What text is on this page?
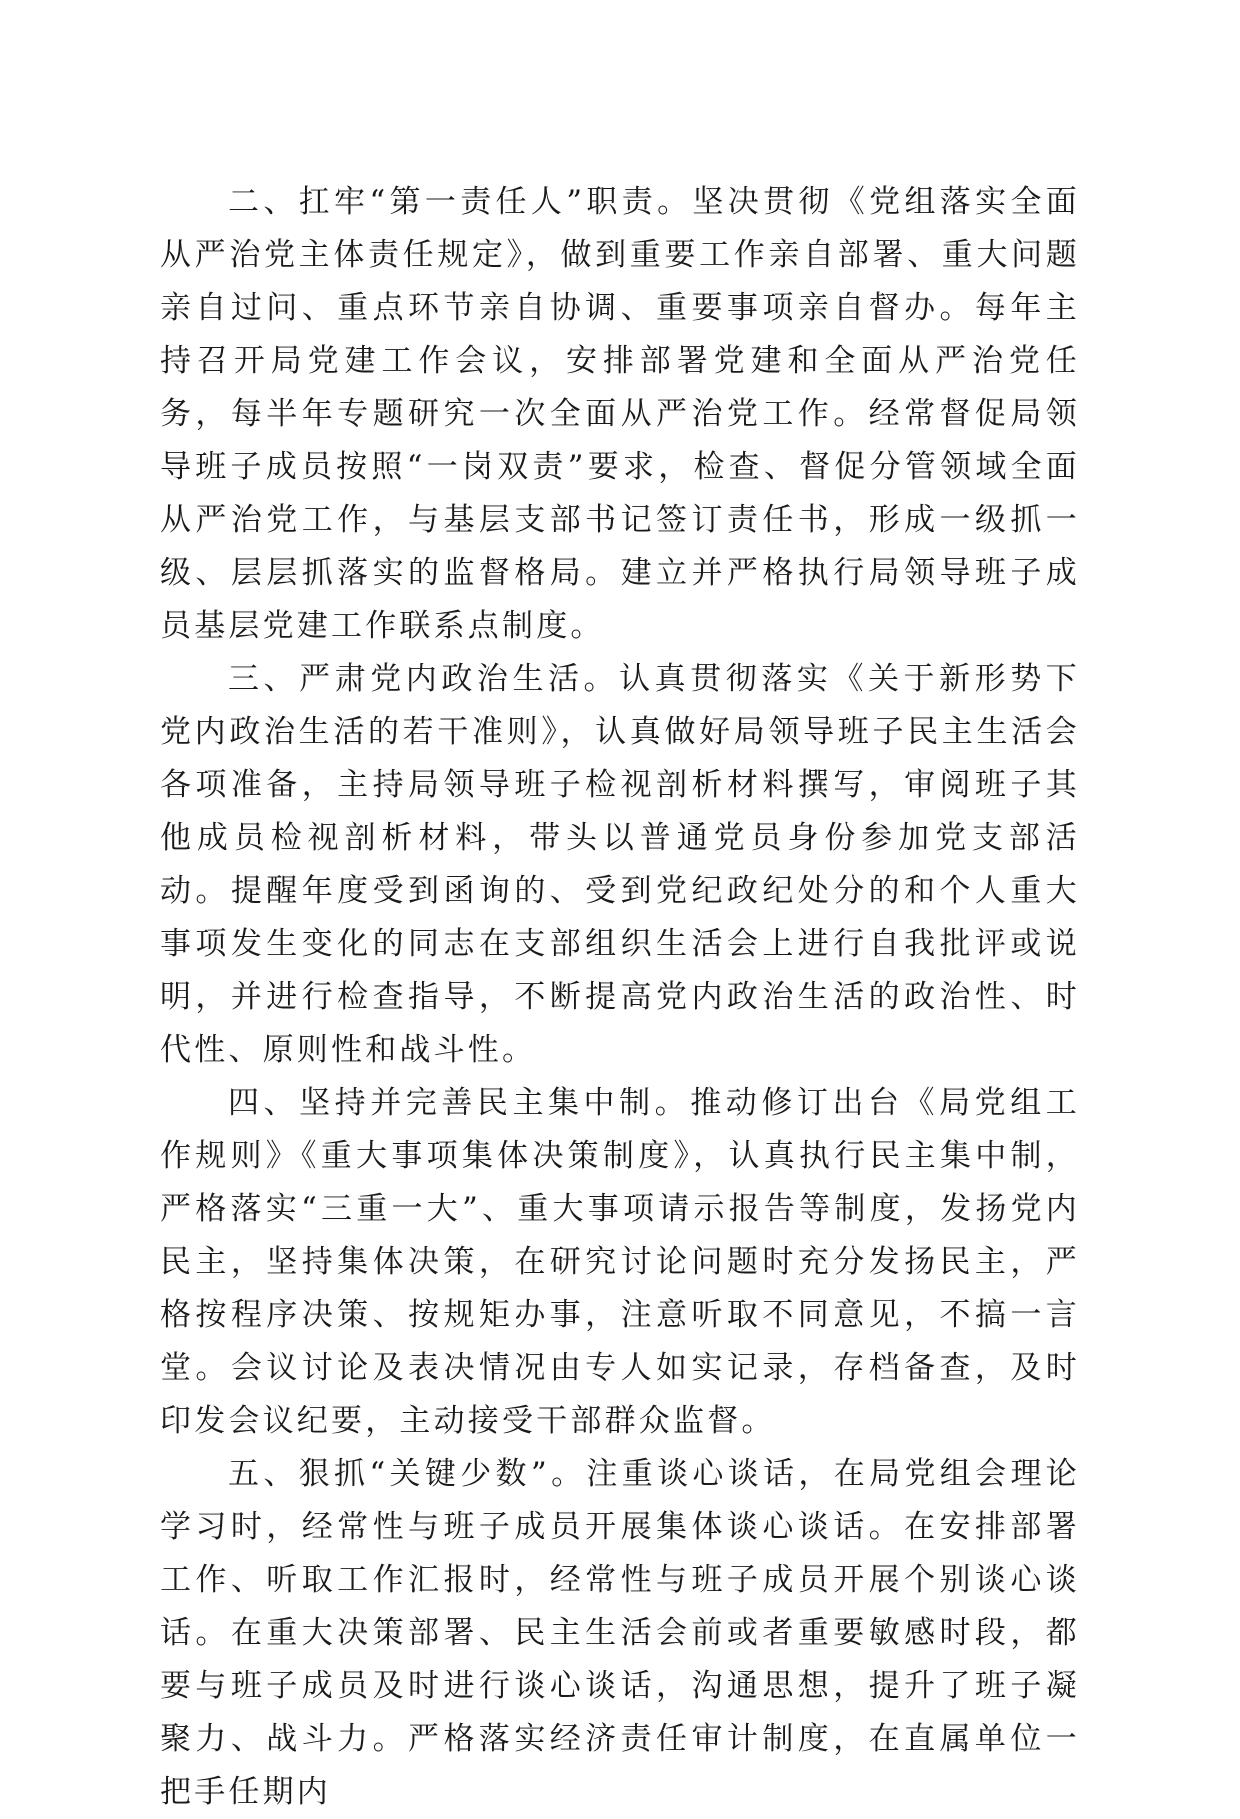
二、扛牢“第一责任人”职责。坚决贯彻《党组落实全面从严治党主体责任规定》，做到重要工作亲自部署、重大问题亲自过问、重点环节亲自协调、重要事项亲自督办。每年主持召开局党建工作会议，安排部署党建和全面从严治党任务，每半年专题研究一次全面从严治党工作。经常督促局领导班子成员按照“一岗双责”要求，检查、督促分管领域全面从严治党工作，与基层支部书记签订责任书，形成一级抓一级、层层抓落实的监督格局。建立并严格执行局领导班子成员基层党建工作联系点制度。

三、严肃党内政治生活。认真贯彻落实《关于新形势下党内政治生活的若干准则》，认真做好局领导班子民主生活会各项准备，主持局领导班子检视剖析材料撰写，审阅班子其他成员检视剖析材料，带头以普通党员身份参加党支部活动。提醒年度受到函询的、受到党纪政纪处分的和个人重大事项发生变化的同志在支部组织生活会上进行自我批评或说明，并进行检查指导，不断提高党内政治生活的政治性、时代性、原则性和战斗性。

四、坚持并完善民主集中制。推动修订出台《局党组工作规则》《重大事项集体决策制度》，认真执行民主集中制，严格落实“三重一大”、重大事项请示报告等制度，发扬党内民主，坚持集体决策，在研究讨论问题时充分发扬民主，严格按程序决策、按规矩办事，注意听取不同意见，不搞一言堂。会议讨论及表决情况由专人如实记录，存档备查，及时印发会议纪要，主动接受干部群众监督。

五、狠抓“关键少数”。注重谈心谈话，在局党组会理论学习时，经常性与班子成员开展集体谈心谈话。在安排部署工作、听取工作汇报时，经常性与班子成员开展个别谈心谈话。在重大决策部署、民主生活会前或者重要敏感时段，都要与班子成员及时进行谈心谈话，沟通思想，提升了班子凝聚力、战斗力。严格落实经济责任审计制度，在直属单位一把手任期内
